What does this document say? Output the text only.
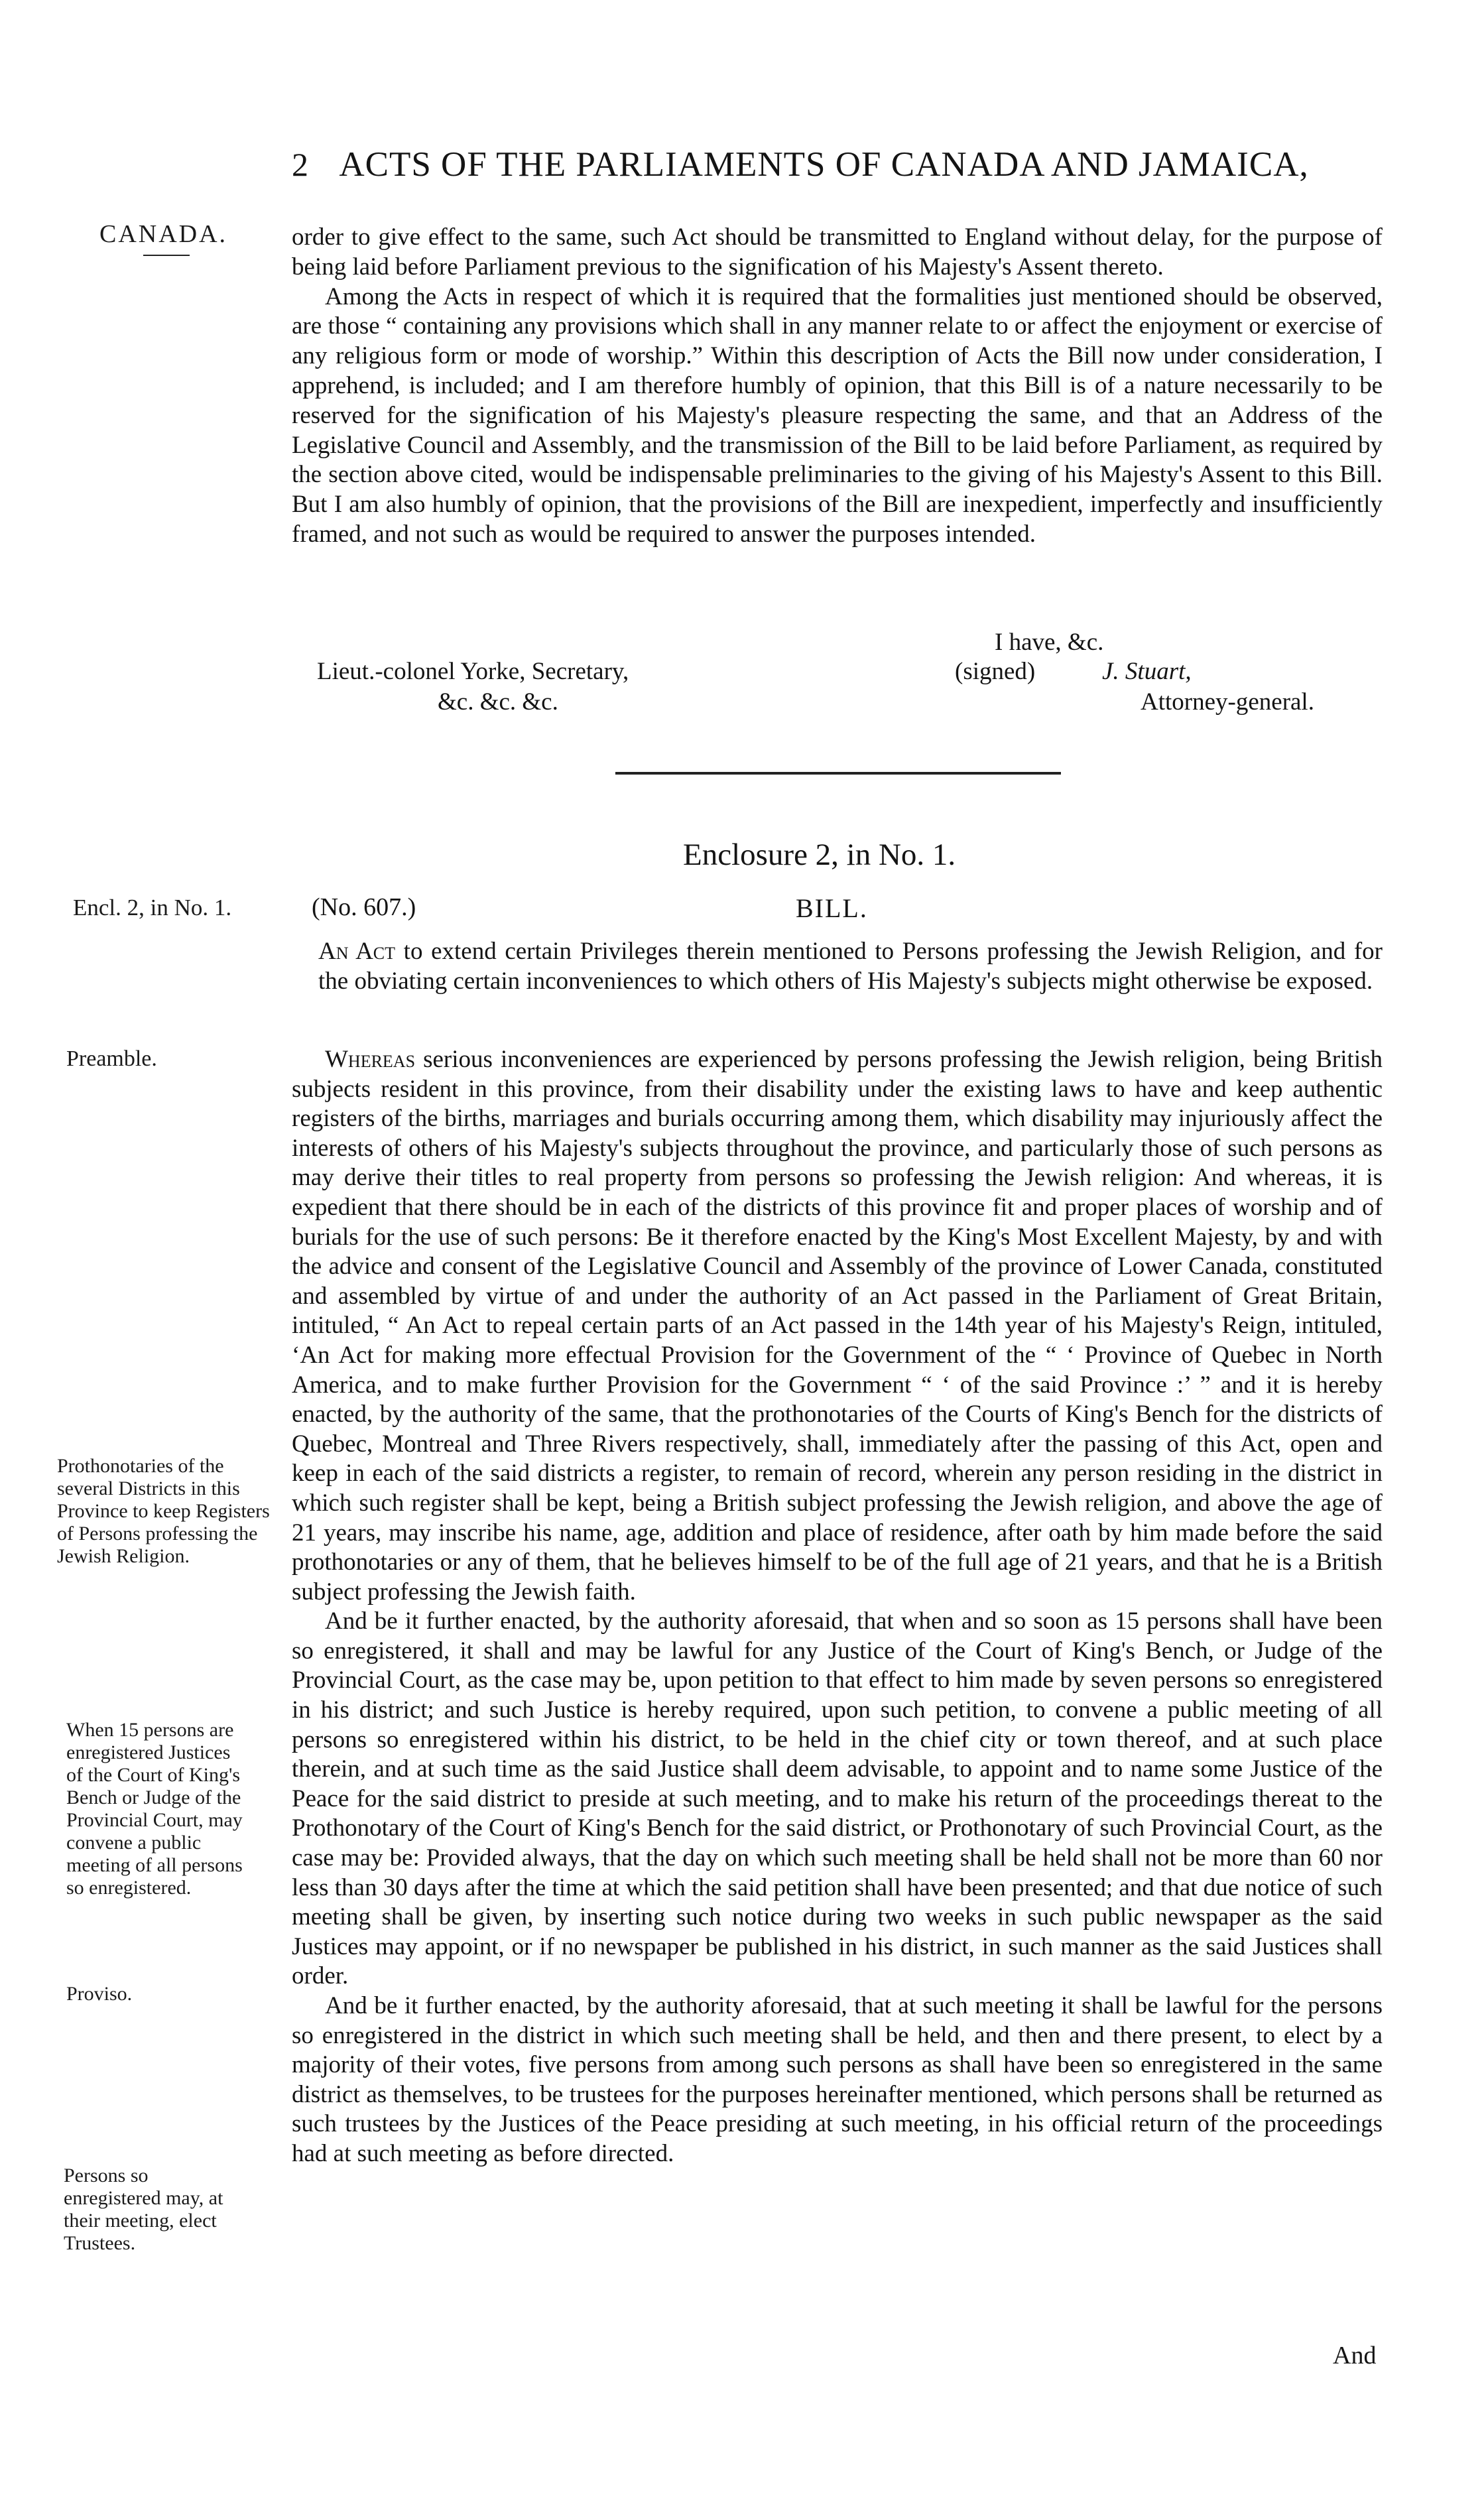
2 ACTS OF THE PARLIAMENTS OF CANADA AND JAMAICA,
CANADA.	order to give effect to the same, such Act should be transmitted to England without delay, for the purpose of being laid before Parliament previous to the signification of his Majesty's Assent thereto.

Among the Acts in respect of which it is required that the formalities just mentioned should be observed, are those “ containing any provisions which shall in any manner relate to or affect the enjoyment or exercise of any religious form or mode of worship.” Within this description of Acts the Bill now under consideration, I apprehend, is included; and I am therefore humbly of opinion, that this Bill is of a nature necessarily to be reserved for the signification of his Majesty's pleasure respecting the same, and that an Address of the Legislative Council and Assembly, and the transmission of the Bill to be laid before Parliament, as required by the section above cited, would be indispensable preliminaries to the giving of his Majesty's Assent to this Bill. But I am also humbly of opinion, that the provisions of the Bill are inexpedient, imperfectly and insufficiently framed, and not such as would be required to answer the purposes intended.

I have, &c.
Lieut.-colonel Yorke, Secretary,
&c. &c. &c.
(signed)	J. Stuart,
Attorney-general.
Enclosure 2, in No. 1.
Encl. 2, in No. 1.	(No. 607.)	BILL.

An Act to extend certain Privileges therein mentioned to Persons professing the Jewish Religion, and for the obviating certain inconveniences to which others of His Majesty's subjects might otherwise be exposed.

Preamble.
Prothonotaries of the several Districts in this Province to keep Registers of Persons professing the Jewish Religion.
When 15 persons are enregistered Justices of the Court of King's Bench or Judge of the Provincial Court, may convene a public meeting of all persons so enregistered.
Proviso.
Persons so enregistered may, at their meeting, elect Trustees.

Whereas serious inconveniences are experienced by persons professing the Jewish religion, being British subjects resident in this province, from their disability under the existing laws to have and keep authentic registers of the births, marriages and burials occurring among them, which disability may injuriously affect the interests of others of his Majesty's subjects throughout the province, and particularly those of such persons as may derive their titles to real property from persons so professing the Jewish religion: And whereas, it is expedient that there should be in each of the districts of this province fit and proper places of worship and of burials for the use of such persons: Be it therefore enacted by the King's Most Excellent Majesty, by and with the advice and consent of the Legislative Council and Assembly of the province of Lower Canada, constituted and assembled by virtue of and under the authority of an Act passed in the Parliament of Great Britain, intituled, “ An Act to repeal certain parts of an Act passed in the 14th year of his Majesty's Reign, intituled, ‘An Act for making more effectual Provision for the Government of the “ ‘ Province of Quebec in North America, and to make further Provision for the Government “ ‘ of the said Province :’ ” and it is hereby enacted, by the authority of the same, that the prothonotaries of the Courts of King's Bench for the districts of Quebec, Montreal and Three Rivers respectively, shall, immediately after the passing of this Act, open and keep in each of the said districts a register, to remain of record, wherein any person residing in the district in which such register shall be kept, being a British subject professing the Jewish religion, and above the age of 21 years, may inscribe his name, age, addition and place of residence, after oath by him made before the said prothonotaries or any of them, that he believes himself to be of the full age of 21 years, and that he is a British subject professing the Jewish faith.

And be it further enacted, by the authority aforesaid, that when and so soon as 15 persons shall have been so enregistered, it shall and may be lawful for any Justice of the Court of King's Bench, or Judge of the Provincial Court, as the case may be, upon petition to that effect to him made by seven persons so enregistered in his district; and such Justice is hereby required, upon such petition, to convene a public meeting of all persons so enregistered within his district, to be held in the chief city or town thereof, and at such place therein, and at such time as the said Justice shall deem advisable, to appoint and to name some Justice of the Peace for the said district to preside at such meeting, and to make his return of the proceedings thereat to the Prothonotary of the Court of King's Bench for the said district, or Prothonotary of such Provincial Court, as the case may be: Provided always, that the day on which such meeting shall be held shall not be more than 60 nor less than 30 days after the time at which the said petition shall have been presented; and that due notice of such meeting shall be given, by inserting such notice during two weeks in such public newspaper as the said Justices may appoint, or if no newspaper be published in his district, in such manner as the said Justices shall order.

And be it further enacted, by the authority aforesaid, that at such meeting it shall be lawful for the persons so enregistered in the district in which such meeting shall be held, and then and there present, to elect by a majority of their votes, five persons from among such persons as shall have been so enregistered in the same district as themselves, to be trustees for the purposes hereinafter mentioned, which persons shall be returned as such trustees by the Justices of the Peace presiding at such meeting, in his official return of the proceedings had at such meeting as before directed.

And
